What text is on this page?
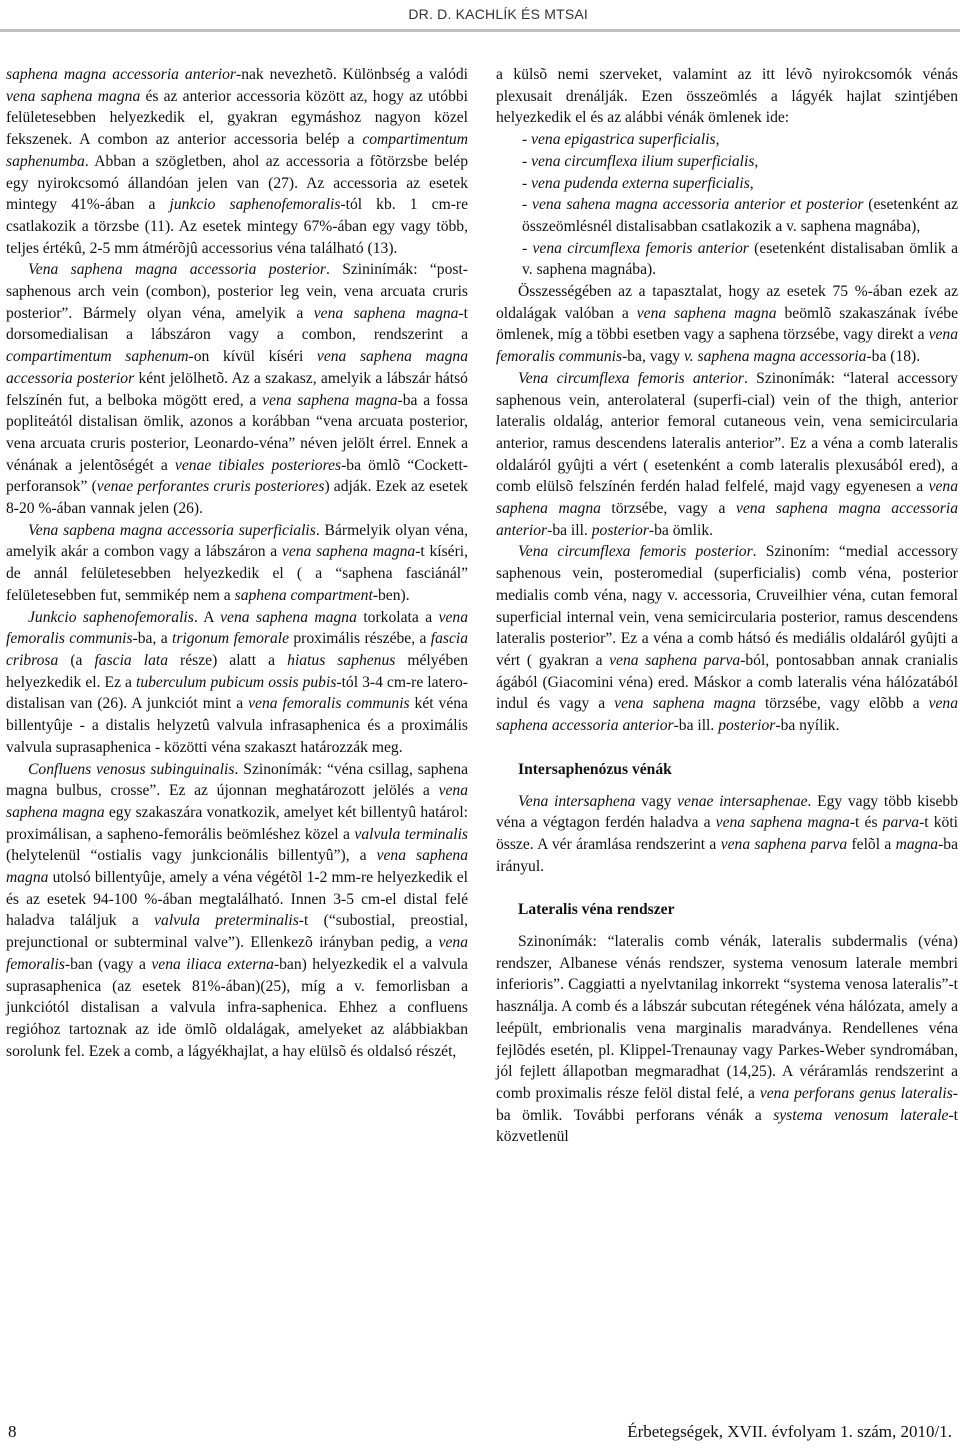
DR. D. KACHLÍK ÉS MTSAI

saphena magna accessoria anterior-nak nevezhetõ. Különbség a valódi vena saphena magna és az anterior accessoria között az, hogy az utóbbi felületesebben helyezkedik el, gyakran egymáshoz nagyon közel fekszenek. A combon az anterior accessoria belép a compartimentum saphenumba. Abban a szögletben, ahol az accessoria a fõtörzsbe belép egy nyirokcsomó állandóan jelen van (27). Az accessoria az esetek mintegy 41%-ában a junkcio saphenofemoralis-tól kb. 1 cm-re csatlakozik a törzsbe (11). Az esetek mintegy 67%-ában egy vagy több, teljes értékû, 2-5 mm átmérõjû accessorius véna található (13).

Vena saphena magna accessoria posterior. Szininímák: “post-saphenous arch vein (combon), posterior leg vein, vena arcuata cruris posterior”. Bármely olyan véna, amelyik a vena saphena magna-t dorsomedialisan a lábszáron vagy a combon, rendszerint a compartimentum saphenum-on kívül kíséri vena saphena magna accessoria posterior ként jelölhetõ. Az a szakasz, amelyik a lábszár hátsó felszínén fut, a belboka mögött ered, a vena saphena magna-ba a fossa popliteától distalisan ömlik, azonos a korábban “vena arcuata posterior, vena arcuata cruris posterior, Leonardo-véna” néven jelölt érrel. Ennek a vénának a jelentõségét a venae tibiales posteriores-ba ömlõ “Cockett-perforansok” (venae perforantes cruris posteriores) adják. Ezek az esetek 8-20 %-ában vannak jelen (26).

Vena sapbena magna accessoria superficialis. Bármelyik olyan véna, amelyik akár a combon vagy a lábszáron a vena saphena magna-t kíséri, de annál felületesebben helyezkedik el ( a “saphena fasciánál” felületesebben fut, semmikép nem a saphena compartment-ben).

Junkcio saphenofemoralis. A vena saphena magna torkolata a vena femoralis communis-ba, a trigonum femorale proximális részébe, a fascia cribrosa (a fascia lata része) alatt a hiatus saphenus mélyében helyezkedik el. Ez a tuberculum pubicum ossis pubis-tól 3-4 cm-re latero-distalisan van (26). A junkciót mint a vena femoralis communis két véna billentyûje - a distalis helyzetû valvula infrasaphenica és a proximális valvula suprasaphenica - közötti véna szakaszt határozzák meg.

Confluens venosus subinguinalis. Szinonímák: “véna csillag, saphena magna bulbus, crosse”. Ez az újonnan meghatározott jelölés a vena saphena magna egy szakaszára vonatkozik, amelyet két billentyû határol: proximálisan, a sapheno-femorális beömléshez közel a valvula terminalis (helytelenül “ostialis vagy junkcionális billentyû”), a vena saphena magna utolsó billentyûje, amely a véna végétõl 1-2 mm-re helyezkedik el és az esetek 94-100 %-ában megtalálható. Innen 3-5 cm-el distal felé haladva találjuk a valvula preterminalis-t (“subostial, preostial, prejunctional or subterminal valve”). Ellenkezõ irányban pedig, a vena femoralis-ban (vagy a vena iliaca externa-ban) helyezkedik el a valvula suprasaphenica (az esetek 81%-ában)(25), míg a v. femorlisban a junkciótól distalisan a valvula infra-saphenica. Ehhez a confluens regióhoz tartoznak az ide ömlõ oldalágak, amelyeket az alábbiakban sorolunk fel. Ezek a comb, a lágyékhajlat, a hay elülsõ és oldalsó részét,

a külsõ nemi szerveket, valamint az itt lévõ nyirokcsomók vénás plexusait drenálják. Ezen összeömlés a lágyék hajlat szintjében helyezkedik el és az alábbi vénák ömlenek ide:

- vena epigastrica superficialis,

- vena circumflexa ilium superficialis,

- vena pudenda externa superficialis,

- vena sahena magna accessoria anterior et posterior (esetenként az összeömlésnél distalisabban csatlakozik a v. saphena magnába),

- vena circumflexa femoris anterior (esetenként distalisaban ömlik a v. saphena magnába).

Összességében az a tapasztalat, hogy az esetek 75 %-ában ezek az oldalágak valóban a vena saphena magna beömlõ szakaszának ívébe ömlenek, míg a többi esetben vagy a saphena törzsébe, vagy direkt a vena femoralis communis-ba, vagy v. saphena magna accessoria-ba (18).

Vena circumflexa femoris anterior. Szinonímák: “lateral accessory saphenous vein, anterolateral (superfi-cial) vein of the thigh, anterior lateralis oldalág, anterior femoral cutaneous vein, vena semicircularia anterior, ramus descendens lateralis anterior”. Ez a véna a comb lateralis oldaláról gyûjti a vért ( esetenként a comb lateralis plexusából ered), a comb elülsõ felszínén ferdén halad felfelé, majd vagy egyenesen a vena saphena magna törzsébe, vagy a vena saphena magna accessoria anterior-ba ill. posterior-ba ömlik.

Vena circumflexa femoris posterior. Szinoním: “medial accessory saphenous vein, posteromedial (superficialis) comb véna, posterior medialis comb véna, nagy v. accessoria, Cruveilhier véna, cutan femoral superficial internal vein, vena semicircularia posterior, ramus descendens lateralis posterior”. Ez a véna a comb hátsó és mediális oldaláról gyûjti a vért ( gyakran a vena saphena parva-ból, pontosabban annak cranialis ágából (Giacomini véna) ered. Máskor a comb lateralis véna hálózatából indul és vagy a vena saphena magna törzsébe, vagy elõbb a vena saphena accessoria anterior-ba ill. posterior-ba nyílik.

Intersaphenózus vénák

Vena intersaphena vagy venae intersaphenae. Egy vagy több kisebb véna a végtagon ferdén haladva a vena saphena magna-t és parva-t köti össze. A vér áramlása rendszerint a vena saphena parva felõl a magna-ba irányul.

Lateralis véna rendszer

Szinonímák: “lateralis comb vénák, lateralis subdermalis (véna) rendszer, Albanese vénás rendszer, systema venosum laterale membri inferioris”. Caggiatti a nyelvtanilag inkorrekt “systema venosa lateralis”-t használja. A comb és a lábszár subcutan rétegének véna hálózata, amely a leépült, embrionalis vena marginalis maradványa. Rendellenes véna fejlõdés esetén, pl. Klippel-Trenaunay vagy Parkes-Weber syndromában, jól fejlett állapotban megmaradhat (14,25). A véráramlás rendszerint a comb proximalis része felöl distal felé, a vena perforans genus lateralis-ba ömlik. További perforans vénák a systema venosum laterale-t közvetlenül

8	Érbetegségek, XVII. évfolyam 1. szám, 2010/1.
